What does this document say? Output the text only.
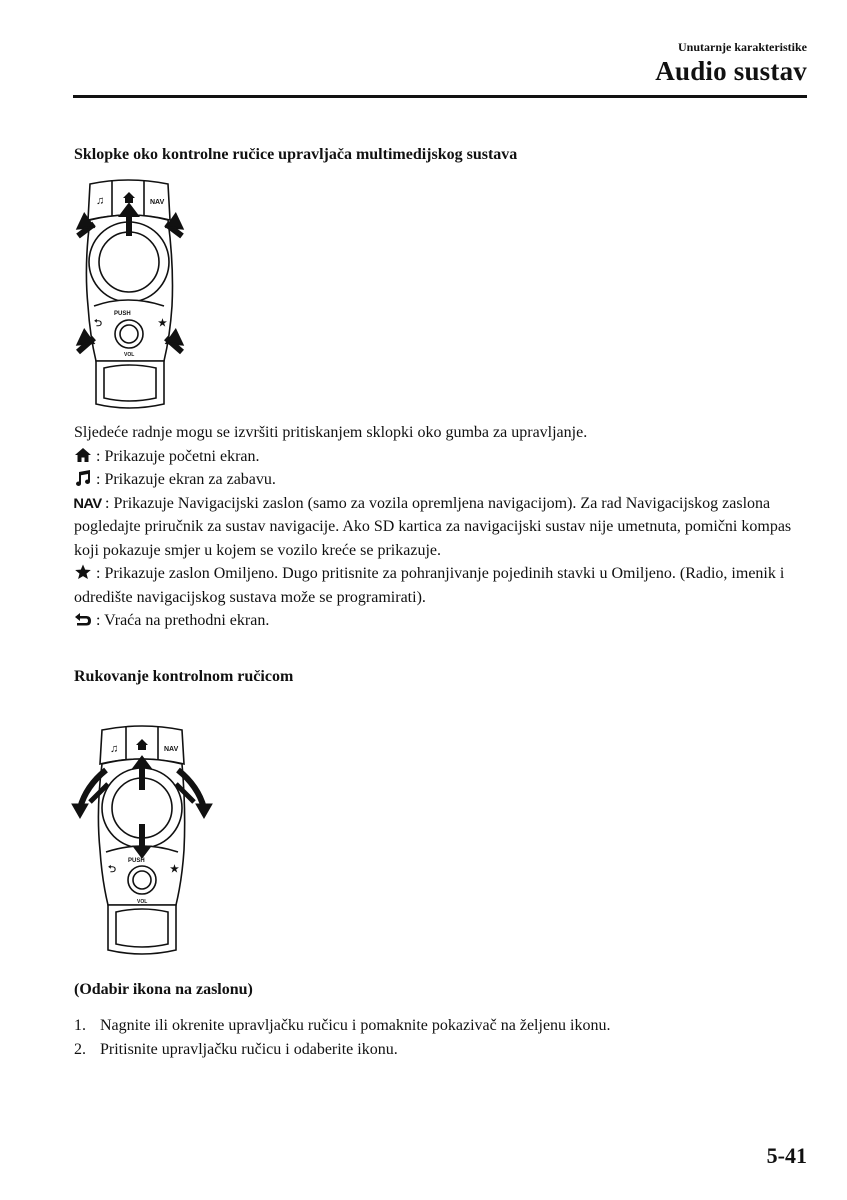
Unutarnje karakteristike
Audio sustav
Sklopke oko kontrolne ručice upravljača multimedijskog sustava
♫	NAV
PUSH
VOL
⮌	★

Sljedeće radnje mogu se izvršiti pritiskanjem sklopki oko gumba za upravljanje.

: Prikazuje početni ekran.

: Prikazuje ekran za zabavu.

NAV : Prikazuje Navigacijski zaslon (samo za vozila opremljena navigacijom). Za rad Navigacijskog zaslona pogledajte priručnik za sustav navigacije. Ako SD kartica za navigacijski sustav nije umetnuta, pomični kompas koji pokazuje smjer u kojem se vozilo kreće se prikazuje.

: Prikazuje zaslon Omiljeno. Dugo pritisnite za pohranjivanje pojedinih stavki u Omiljeno. (Radio, imenik i odredište navigacijskog sustava može se programirati).

: Vraća na prethodni ekran.

Rukovanje kontrolnom ručicom
♫	NAV
PUSH
VOL
⮌	★
(Odabir ikona na zaslonu)
1. Nagnite ili okrenite upravljačku ručicu i pomaknite pokazivač na željenu ikonu.
2. Pritisnite upravljačku ručicu i odaberite ikonu.
5-41
